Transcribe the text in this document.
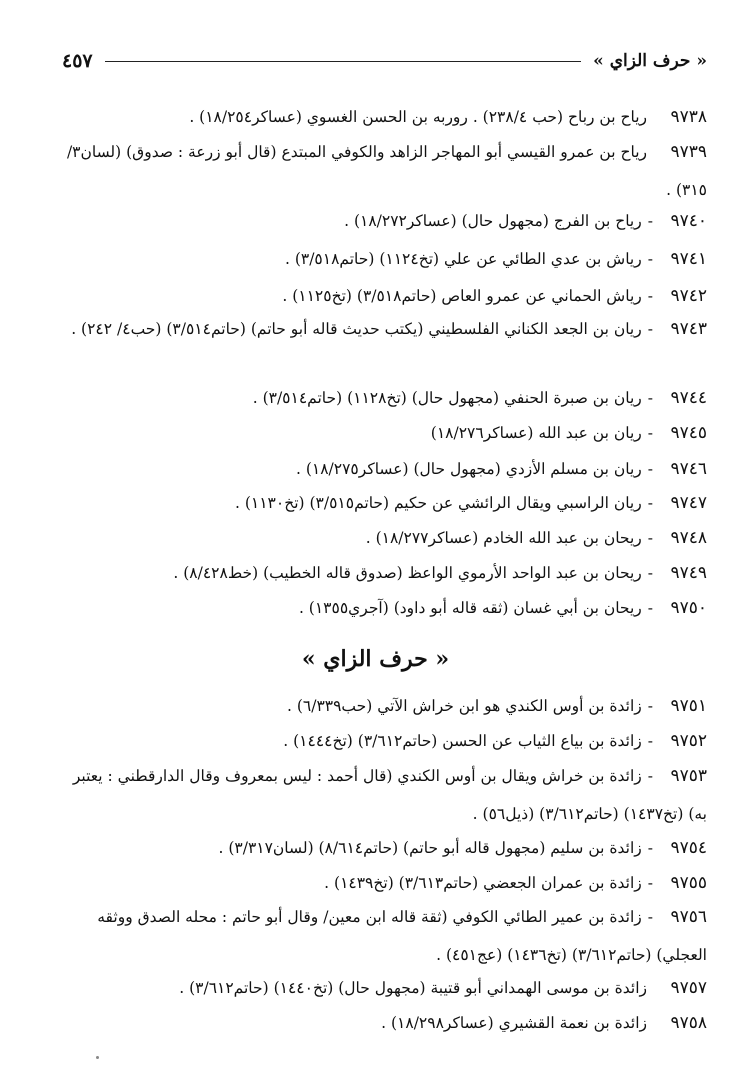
« حرف الزاي »
٤٥٧
٩٧٣٨رياح بن رباح (حب ٢٣٨/٤) . روربه بن الحسن الغسوي (عساكر١٨/٢٥٤) .
٩٧٣٩رياح بن عمرو القيسي أبو المهاجر الزاهد والكوفي المبتدع (قال أبو زرعة : صدوق) (لسان٣/ ٣١٥) .
٩٧٤٠-رياح بن الفرج (مجهول حال) (عساكر١٨/٢٧٢) .
٩٧٤١-رياش بن عدي الطائي عن علي (تخ١١٢٤) (حاتم٣/٥١٨) .
٩٧٤٢-رياش الحماني عن عمرو العاص (حاتم٣/٥١٨) (تخ١١٢٥) .
٩٧٤٣-ريان بن الجعد الكناني الفلسطيني (يكتب حديث قاله أبو حاتم) (حاتم٣/٥١٤) (حب٤/ ٢٤٢) .
٩٧٤٤-ريان بن صبرة الحنفي (مجهول حال) (تخ١١٢٨) (حاتم٣/٥١٤) .
٩٧٤٥-ريان بن عبد الله (عساكر١٨/٢٧٦)
٩٧٤٦-ريان بن مسلم الأزدي (مجهول حال) (عساكر١٨/٢٧٥) .
٩٧٤٧-ريان الراسبي ويقال الرائشي عن حكيم (حاتم٣/٥١٥) (تخ١١٣٠) .
٩٧٤٨-ريحان بن عبد الله الخادم (عساكر١٨/٢٧٧) .
٩٧٤٩-ريحان بن عبد الواحد الأرموي الواعظ (صدوق قاله الخطيب) (خط٨/٤٢٨) .
٩٧٥٠-ريحان بن أبي غسان (ثقه قاله أبو داود) (آجري١٣٥٥) .
« حرف الزاي »
٩٧٥١-زائدة بن أوس الكندي هو ابن خراش الآتي (حب٦/٣٣٩) .
٩٧٥٢-زائدة بن بياع الثياب عن الحسن (حاتم٣/٦١٢) (تخ١٤٤٤) .
٩٧٥٣-زائدة بن خراش ويقال بن أوس الكندي (قال أحمد : ليس بمعروف وقال الدارقطني : يعتبر به) (تخ١٤٣٧) (حاتم٣/٦١٢) (ذيل٥٦) .
٩٧٥٤-زائدة بن سليم (مجهول قاله أبو حاتم) (حاتم٨/٦١٤) (لسان٣/٣١٧) .
٩٧٥٥-زائدة بن عمران الجعضي (حاتم٣/٦١٣) (تخ١٤٣٩) .
٩٧٥٦-زائدة بن عمير الطائي الكوفي (ثقة قاله ابن معين/ وقال أبو حاتم : محله الصدق ووثقه العجلي) (حاتم٣/٦١٢) (تخ١٤٣٦) (عج٤٥١) .
٩٧٥٧زائدة بن موسى الهمداني أبو قتيبة (مجهول حال) (تخ١٤٤٠) (حاتم٣/٦١٢) .
٩٧٥٨زائدة بن نعمة القشيري (عساكر١٨/٢٩٨) .
